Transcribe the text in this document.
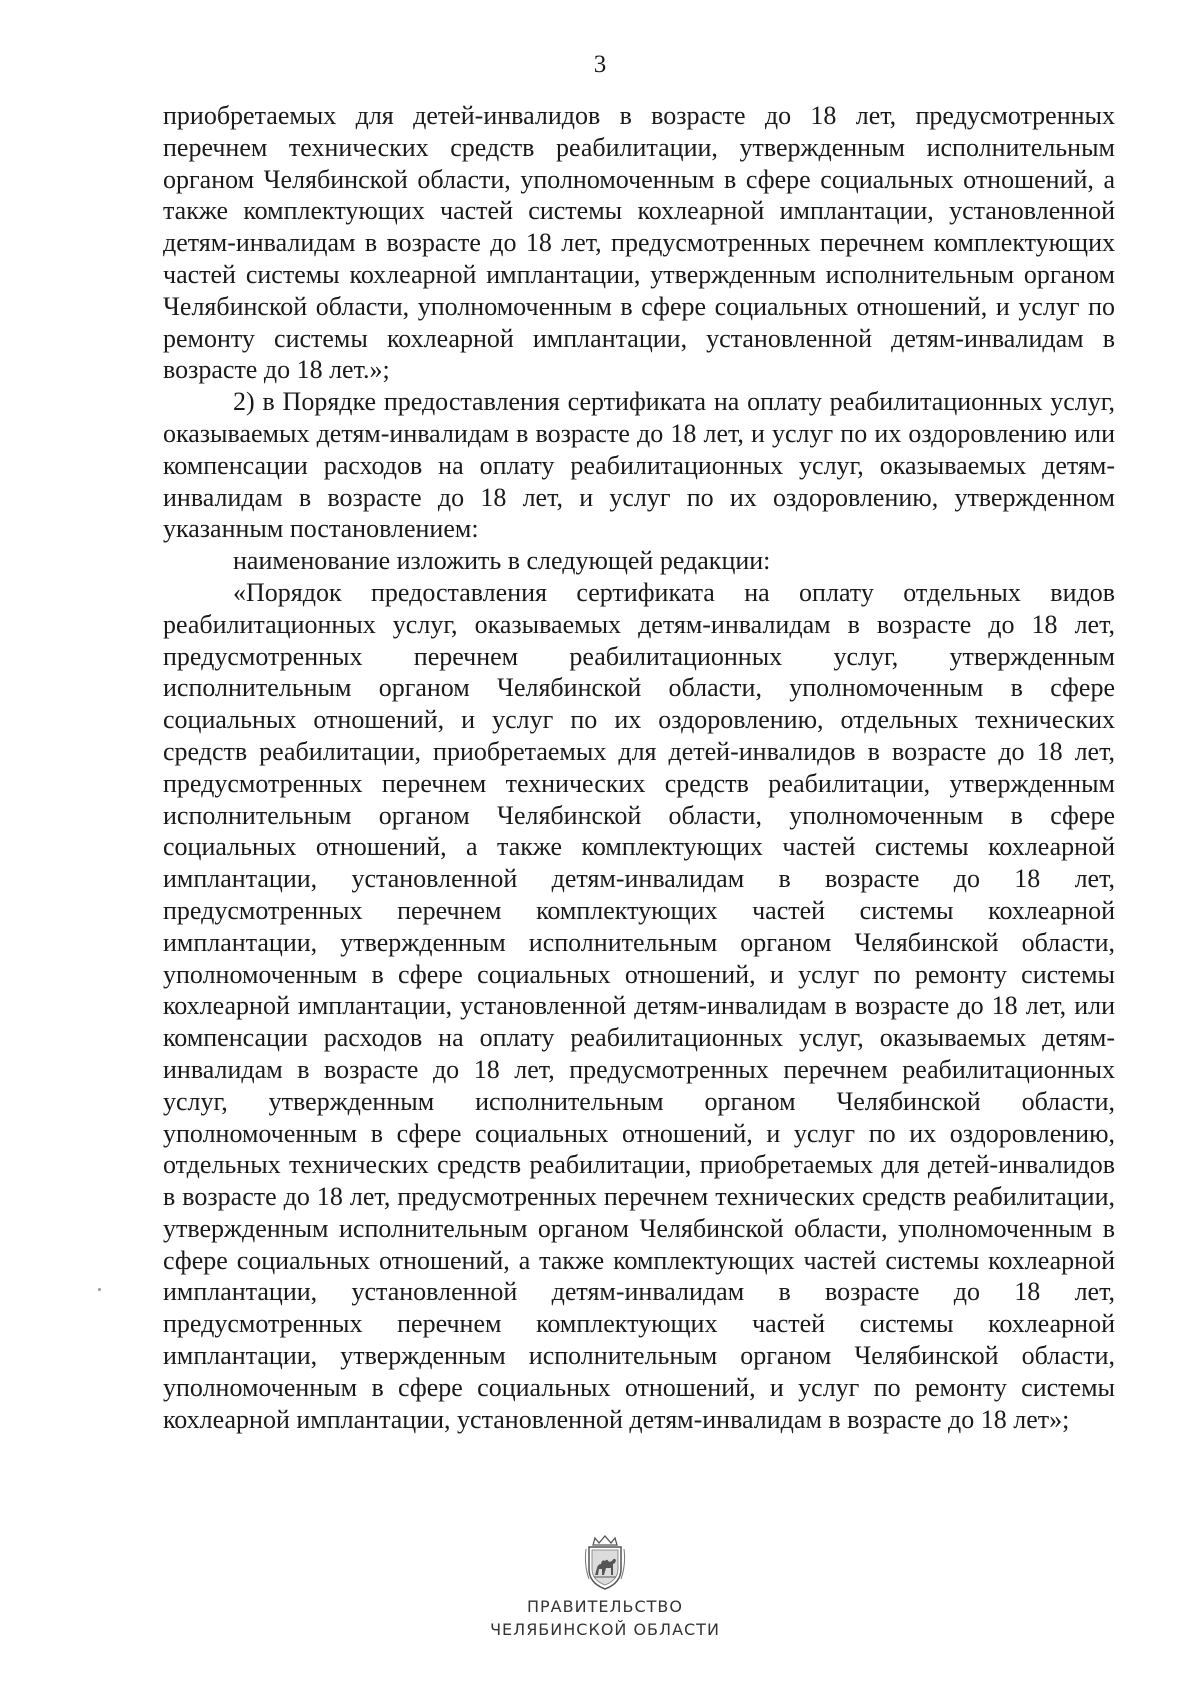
3

приобретаемых для детей-инвалидов в возрасте до 18 лет, предусмотренных перечнем технических средств реабилитации, утвержденным исполнительным органом Челябинской области, уполномоченным в сфере социальных отношений, а также комплектующих частей системы кохлеарной имплантации, установленной детям-инвалидам в возрасте до 18 лет, предусмотренных перечнем комплектующих частей системы кохлеарной имплантации, утвержденным исполнительным органом Челябинской области, уполномоченным в сфере социальных отношений, и услуг по ремонту системы кохлеарной имплантации, установленной детям-инвалидам в возрасте до 18 лет.»;

2) в Порядке предоставления сертификата на оплату реабилитационных услуг, оказываемых детям-инвалидам в возрасте до 18 лет, и услуг по их оздоровлению или компенсации расходов на оплату реабилитационных услуг, оказываемых детям-инвалидам в возрасте до 18 лет, и услуг по их оздоровлению, утвержденном указанным постановлением:

наименование изложить в следующей редакции:

«Порядок предоставления сертификата на оплату отдельных видов реабилитационных услуг, оказываемых детям-инвалидам в возрасте до 18 лет, предусмотренных перечнем реабилитационных услуг, утвержденным исполнительным органом Челябинской области, уполномоченным в сфере социальных отношений, и услуг по их оздоровлению, отдельных технических средств реабилитации, приобретаемых для детей-инвалидов в возрасте до 18 лет, предусмотренных перечнем технических средств реабилитации, утвержденным исполнительным органом Челябинской области, уполномоченным в сфере социальных отношений, а также комплектующих частей системы кохлеарной имплантации, установленной детям-инвалидам в возрасте до 18 лет, предусмотренных перечнем комплектующих частей системы кохлеарной имплантации, утвержденным исполнительным органом Челябинской области, уполномоченным в сфере социальных отношений, и услуг по ремонту системы кохлеарной имплантации, установленной детям-инвалидам в возрасте до 18 лет, или компенсации расходов на оплату реабилитационных услуг, оказываемых детям-инвалидам в возрасте до 18 лет, предусмотренных перечнем реабилитационных услуг, утвержденным исполнительным органом Челябинской области, уполномоченным в сфере социальных отношений, и услуг по их оздоровлению, отдельных технических средств реабилитации, приобретаемых для детей-инвалидов в возрасте до 18 лет, предусмотренных перечнем технических средств реабилитации, утвержденным исполнительным органом Челябинской области, уполномоченным в сфере социальных отношений, а также комплектующих частей системы кохлеарной имплантации, установленной детям-инвалидам в возрасте до 18 лет, предусмотренных перечнем комплектующих частей системы кохлеарной имплантации, утвержденным исполнительным органом Челябинской области, уполномоченным в сфере социальных отношений, и услуг по ремонту системы кохлеарной имплантации, установленной детям-инвалидам в возрасте до 18 лет»;

ПРАВИТЕЛЬСТВО
ЧЕЛЯБИНСКОЙ ОБЛАСТИ
